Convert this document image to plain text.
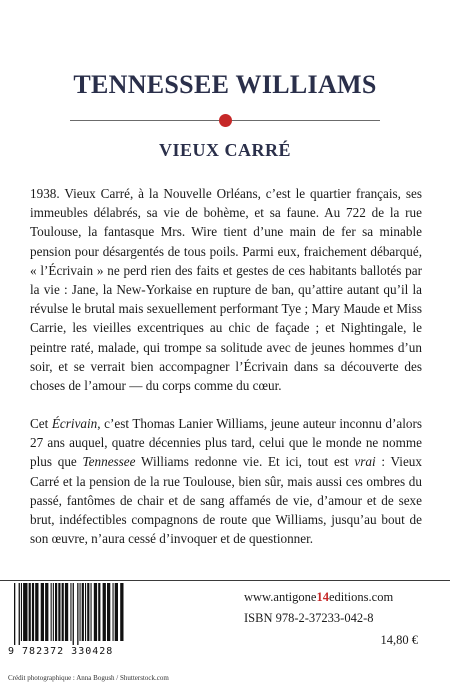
TENNESSEE WILLIAMS
VIEUX CARRÉ

1938. Vieux Carré, à la Nouvelle Orléans, c’est le quartier français, ses immeubles délabrés, sa vie de bohème, et sa faune. Au 722 de la rue Toulouse, la fantasque Mrs. Wire tient d’une main de fer sa minable pension pour désargentés de tous poils. Parmi eux, fraichement débarqué, « l’Écrivain » ne perd rien des faits et gestes de ces habitants ballotés par la vie : Jane, la New-Yorkaise en rupture de ban, qu’attire autant qu’il la révulse le brutal mais sexuellement performant Tye ; Mary Maude et Miss Carrie, les vieilles excentriques au chic de façade ; et Nightingale, le peintre raté, malade, qui trompe sa solitude avec de jeunes hommes d’un soir, et se verrait bien accompagner l’Écrivain dans sa découverte des choses de l’amour — du corps comme du cœur.

Cet Écrivain, c’est Thomas Lanier Williams, jeune auteur inconnu d’alors 27 ans auquel, quatre décennies plus tard, celui que le monde ne nomme plus que Tennessee Williams redonne vie. Et ici, tout est vrai : Vieux Carré et la pension de la rue Toulouse, bien sûr, mais aussi ces ombres du passé, fantômes de chair et de sang affamés de vie, d’amour et de sexe brut, indéfectibles compagnons de route que Williams, jusqu’au bout de son œuvre, n’aura cessé d’invoquer et de questionner.

9 782372 330428
www.antigone14editions.com
ISBN 978-2-37233-042-8
14,80 €
Crédit photographique : Anna Bogush / Shutterstock.com
